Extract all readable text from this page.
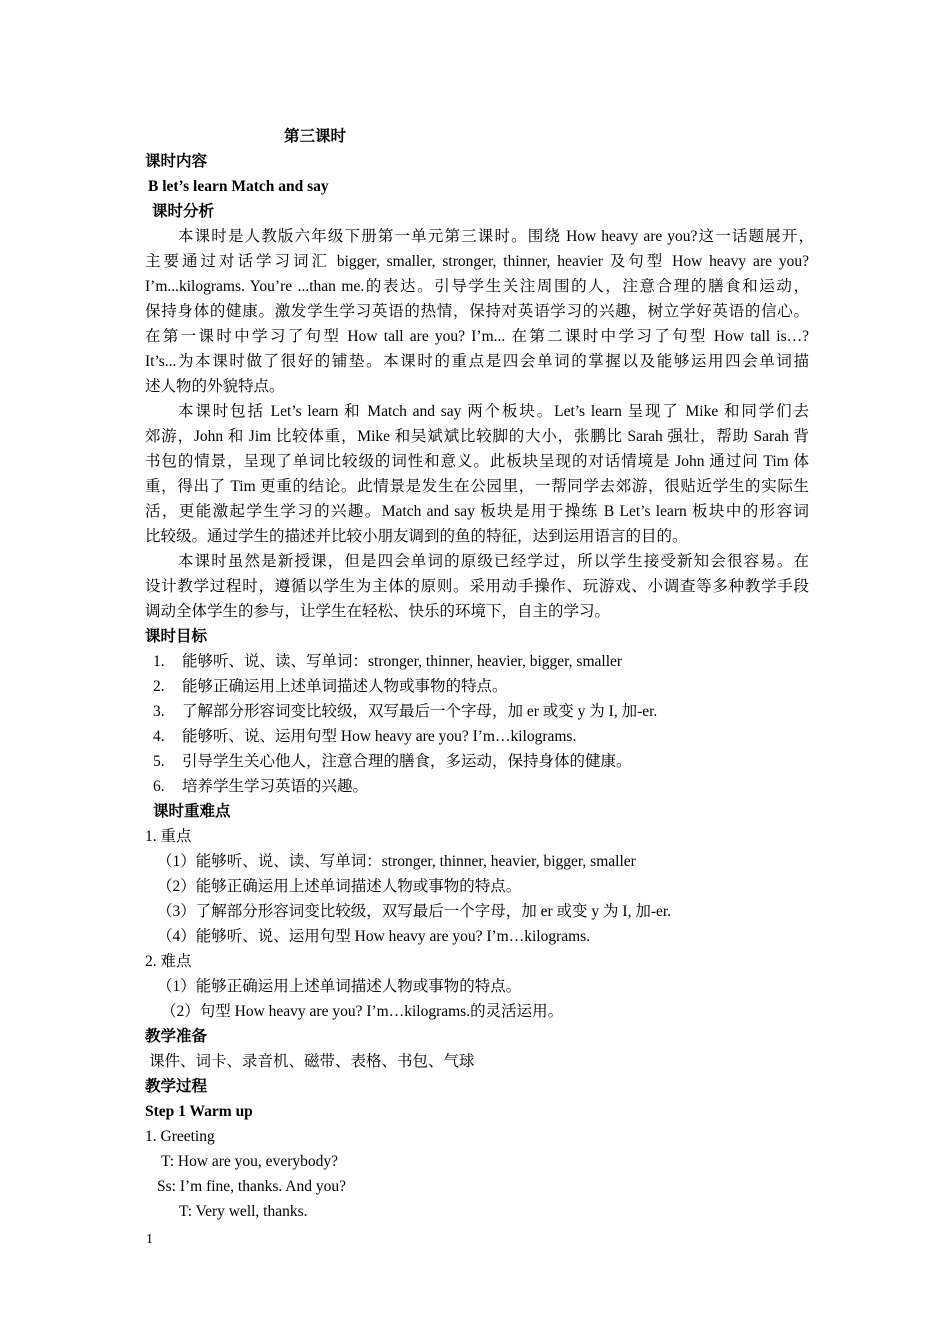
第三课时
课时内容
B let’s learn Match and say
课时分析
本课时是人教版六年级下册第一单元第三课时。围绕 How heavy are you?这一话题展开，
主要通过对话学习词汇 bigger, smaller, stronger, thinner, heavier 及句型 How heavy are you?
I’m...kilograms. You’re ...than me.的表达。引导学生关注周围的人，注意合理的膳食和运动，
保持身体的健康。激发学生学习英语的热情，保持对英语学习的兴趣，树立学好英语的信心。
在第一课时中学习了句型 How tall are you? I’m... 在第二课时中学习了句型 How tall is…?
It’s...为本课时做了很好的铺垫。本课时的重点是四会单词的掌握以及能够运用四会单词描
述人物的外貌特点。
本课时包括 Let’s learn 和 Match and say 两个板块。Let’s learn 呈现了 Mike 和同学们去
郊游，John 和 Jim 比较体重，Mike 和吴斌斌比较脚的大小，张鹏比 Sarah 强壮，帮助 Sarah 背
书包的情景，呈现了单词比较级的词性和意义。此板块呈现的对话情境是 John 通过问 Tim 体
重，得出了 Tim 更重的结论。此情景是发生在公园里，一帮同学去郊游，很贴近学生的实际生
活，更能激起学生学习的兴趣。Match and say 板块是用于操练 B Let’s learn 板块中的形容词
比较级。通过学生的描述并比较小朋友调到的鱼的特征，达到运用语言的目的。
本课时虽然是新授课，但是四会单词的原级已经学过，所以学生接受新知会很容易。在
设计教学过程时，遵循以学生为主体的原则。采用动手操作、玩游戏、小调查等多种教学手段
调动全体学生的参与，让学生在轻松、快乐的环境下，自主的学习。
课时目标
1. 能够听、说、读、写单词：stronger, thinner, heavier, bigger, smaller
2. 能够正确运用上述单词描述人物或事物的特点。
3. 了解部分形容词变比较级，双写最后一个字母，加 er 或变 y 为 I, 加-er.
4. 能够听、说、运用句型 How heavy are you? I’m…kilograms.
5. 引导学生关心他人，注意合理的膳食，多运动，保持身体的健康。
6. 培养学生学习英语的兴趣。
课时重难点
1. 重点
（1）能够听、说、读、写单词：stronger, thinner, heavier, bigger, smaller
（2）能够正确运用上述单词描述人物或事物的特点。
（3）了解部分形容词变比较级，双写最后一个字母，加 er 或变 y 为 I, 加-er.
（4）能够听、说、运用句型 How heavy are you? I’m…kilograms.
2. 难点
（1）能够正确运用上述单词描述人物或事物的特点。
（2）句型 How heavy are you? I’m…kilograms.的灵活运用。
教学准备
课件、词卡、录音机、磁带、表格、书包、气球
教学过程
Step 1 Warm up
1. Greeting
T: How are you, everybody?
Ss: I’m fine, thanks. And you?
T: Very well, thanks.
1
